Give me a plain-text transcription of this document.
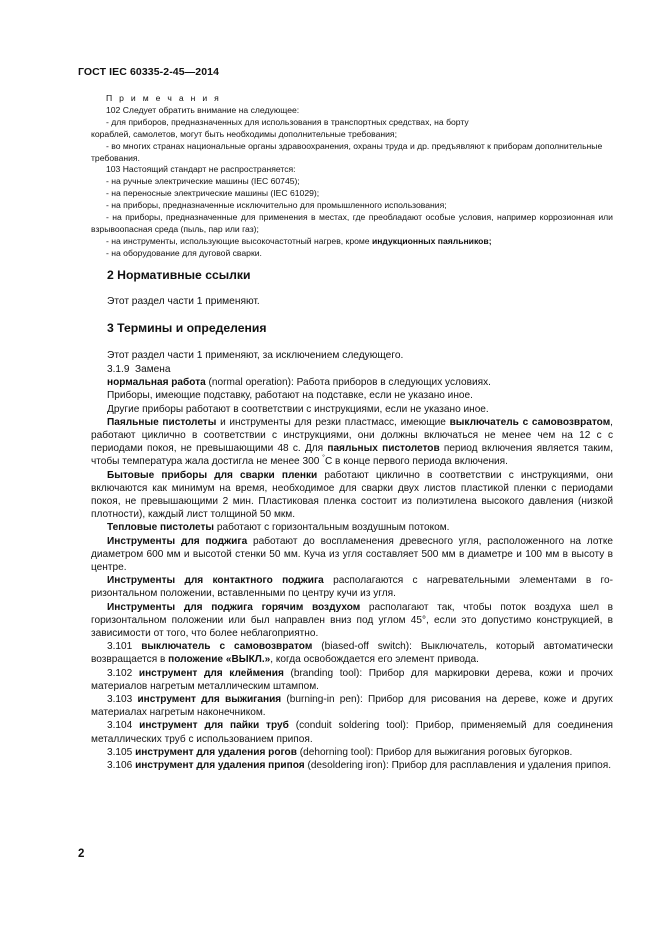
ГОСТ IEC 60335-2-45—2014

П р и м е ч а н и я

102 Следует обратить внимание на следующее:

- для приборов, предназначенных для использования в транспортных средствах, на борту

кораблей, самолетов, могут быть необходимы дополнительные требования;

- во многих странах национальные органы здравоохранения, охраны труда и др. предъявляют к приборам дополнительные требования.

103 Настоящий стандарт не распространяется:

- на ручные электрические машины (IEC 60745);

- на переносные электрические машины (IEC 61029);

- на приборы, предназначенные исключительно для промышленного использования;

- на приборы, предназначенные для применения в местах, где преобладают особые условия, например коррозионная или взрывоопасная среда (пыль, пар или газ);

- на инструменты, использующие высокочастотный нагрев, кроме индукционных паяльников;

- на оборудование для дуговой сварки.

2 Нормативные ссылки
Этот раздел части 1 применяют.
3 Термины и определения
Этот раздел части 1 применяют, за исключением следующего.

3.1.9 Замена

нормальная работа (normal operation): Работа приборов в следующих условиях.

Приборы, имеющие подставку, работают на подставке, если не указано иное.

Другие приборы работают в соответствии с инструкциями, если не указано иное.

Паяльные пистолеты и инструменты для резки пластмасс, имеющие выключатель с самовозвратом, работают циклично в соответствии с инструкциями, они должны включаться не менее чем на 12 с с периодами покоя, не превышающими 48 с. Для паяльных пистолетов период включения является таким, чтобы температура жала достигла не менее 300 °С в конце первого периода включения.

Бытовые приборы для сварки пленки работают циклично в соответствии с инструкциями, они включаются как минимум на время, необходимое для сварки двух листов пластикой пленки с периодами покоя, не превышающими 2 мин. Пластиковая пленка состоит из полиэтилена высокого давления (низкой плотности), каждый лист толщиной 50 мкм.

Тепловые пистолеты работают с горизонтальным воздушным потоком.

Инструменты для поджига работают до воспламенения древесного угля, расположенного на лотке диаметром 600 мм и высотой стенки 50 мм. Куча из угля составляет 500 мм в диаметре и 100 мм в высоту в центре.

Инструменты для контактного поджига располагаются с нагревательными элементами в горизонтальном положении, вставленными по центру кучи из угля.

Инструменты для поджига горячим воздухом располагают так, чтобы поток воздуха шел в горизонтальном положении или был направлен вниз под углом 45°, если это допустимо конструкцией, в зависимости от того, что более неблагоприятно.

3.101 выключатель с самовозвратом (biased-off switch): Выключатель, который автоматически возвращается в положение «ВЫКЛ.», когда освобождается его элемент привода.

3.102 инструмент для клеймения (branding tool): Прибор для маркировки дерева, кожи и прочих материалов нагретым металлическим штампом.

3.103 инструмент для выжигания (burning-in pen): Прибор для рисования на дереве, коже и других материалах нагретым наконечником.

3.104 инструмент для пайки труб (conduit soldering tool): Прибор, применяемый для соединения металлических труб с использованием припоя.

3.105 инструмент для удаления рогов (dehorning tool): Прибор для выжигания роговых бугорков.

3.106 инструмент для удаления припоя (desoldering iron): Прибор для расплавления и удаления припоя.

2
